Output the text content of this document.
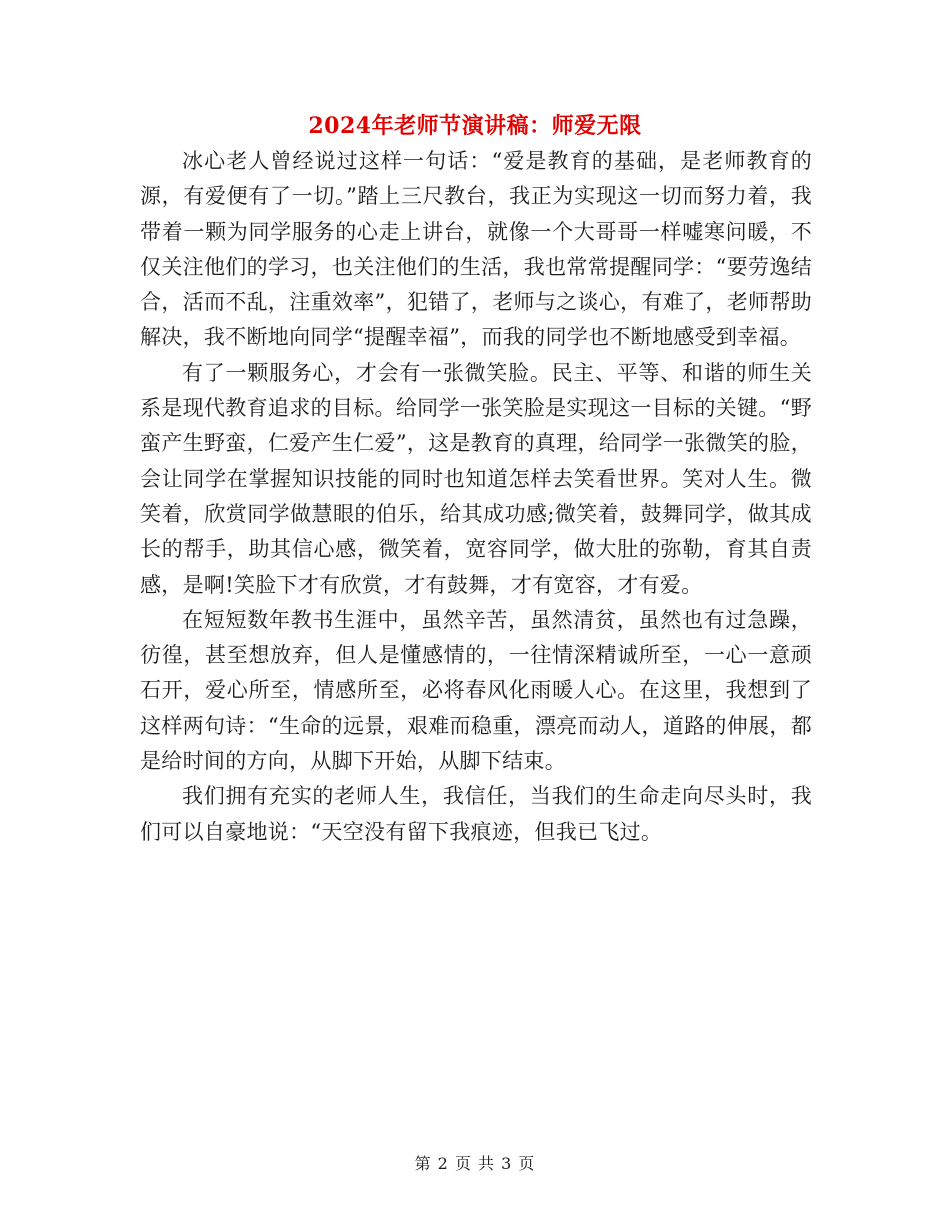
2024年老师节演讲稿：师爱无限

冰心老人曾经说过这样一句话：“爱是教育的基础，是老师教育的源，有爱便有了一切。”踏上三尺教台，我正为实现这一切而努力着，我带着一颗为同学服务的心走上讲台，就像一个大哥哥一样嘘寒问暖，不仅关注他们的学习，也关注他们的生活，我也常常提醒同学：“要劳逸结合，活而不乱，注重效率”，犯错了，老师与之谈心，有难了，老师帮助解决，我不断地向同学“提醒幸福”，而我的同学也不断地感受到幸福。

有了一颗服务心，才会有一张微笑脸。民主、平等、和谐的师生关系是现代教育追求的目标。给同学一张笑脸是实现这一目标的关键。“野蛮产生野蛮，仁爱产生仁爱”，这是教育的真理，给同学一张微笑的脸，会让同学在掌握知识技能的同时也知道怎样去笑看世界。笑对人生。微笑着，欣赏同学做慧眼的伯乐，给其成功感;微笑着，鼓舞同学，做其成长的帮手，助其信心感，微笑着，宽容同学，做大肚的弥勒，育其自责感，是啊!笑脸下才有欣赏，才有鼓舞，才有宽容，才有爱。

在短短数年教书生涯中，虽然辛苦，虽然清贫，虽然也有过急躁，彷徨，甚至想放弃，但人是懂感情的，一往情深精诚所至，一心一意顽石开，爱心所至，情感所至，必将春风化雨暖人心。在这里，我想到了这样两句诗：“生命的远景，艰难而稳重，漂亮而动人，道路的伸展，都是给时间的方向，从脚下开始，从脚下结束。

我们拥有充实的老师人生，我信任，当我们的生命走向尽头时，我们可以自豪地说：“天空没有留下我痕迹，但我已飞过。

第 2 页 共 3 页
